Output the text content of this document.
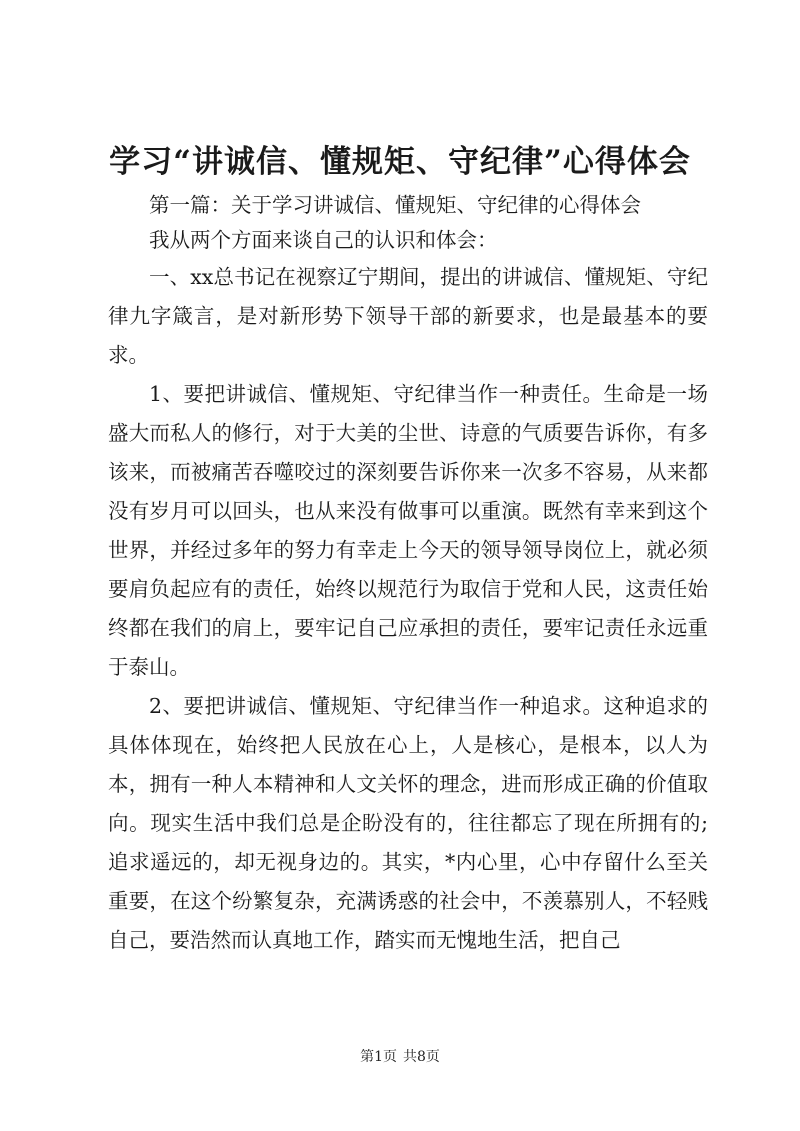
学习“讲诚信、懂规矩、守纪律”心得体会

第一篇：关于学习讲诚信、懂规矩、守纪律的心得体会

我从两个方面来谈自己的认识和体会：

一、xx总书记在视察辽宁期间，提出的讲诚信、懂规矩、守纪律九字箴言，是对新形势下领导干部的新要求，也是最基本的要求。

1、要把讲诚信、懂规矩、守纪律当作一种责任。生命是一场盛大而私人的修行，对于大美的尘世、诗意的气质要告诉你，有多该来，而被痛苦吞噬咬过的深刻要告诉你来一次多不容易，从来都没有岁月可以回头，也从来没有做事可以重演。既然有幸来到这个世界，并经过多年的努力有幸走上今天的领导领导岗位上，就必须要肩负起应有的责任，始终以规范行为取信于党和人民，这责任始终都在我们的肩上，要牢记自己应承担的责任，要牢记责任永远重于泰山。

2、要把讲诚信、懂规矩、守纪律当作一种追求。这种追求的具体体现在，始终把人民放在心上，人是核心，是根本，以人为本，拥有一种人本精神和人文关怀的理念，进而形成正确的价值取向。现实生活中我们总是企盼没有的，往往都忘了现在所拥有的;追求遥远的，却无视身边的。其实，*内心里，心中存留什么至关重要，在这个纷繁复杂，充满诱惑的社会中，不羡慕别人，不轻贱自己，要浩然而认真地工作，踏实而无愧地生活，把自己

第1页 共8页
